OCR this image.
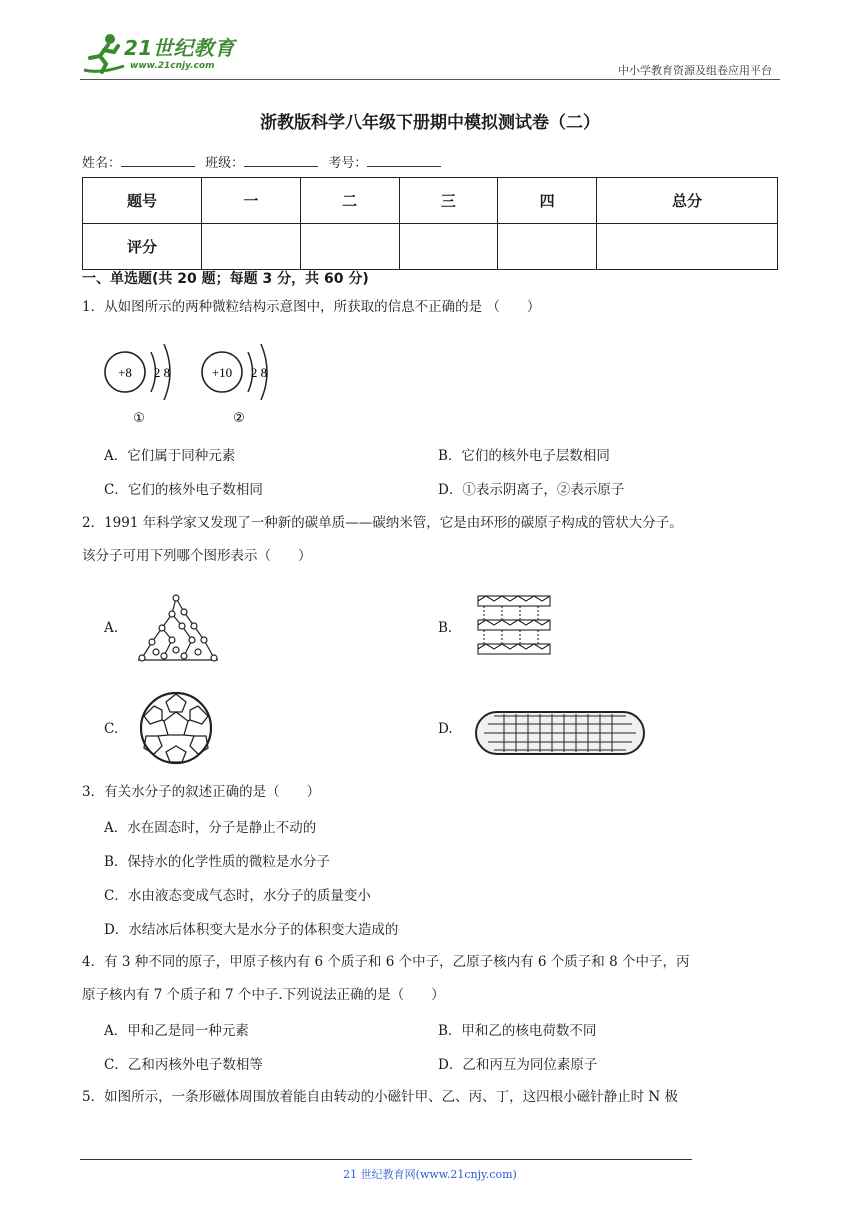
21世纪教育
www.21cnjy.com	中小学教育资源及组卷应用平台
浙教版科学八年级下册期中模拟测试卷（二）
姓名：	班级：	考号：
题号	一	二	三	四	总分
评分					
一、单选题(共 20 题；每题 3 分，共 60 分)
1．从如图所示的两种微粒结构示意图中，所获取的信息不正确的是 （　　）
+8 2 8
①
+10 2 8
②
A．它们属于同种元素	B．它们的核外电子层数相同
C．它们的核外电子数相同	D．①表示阴离子，②表示原子
2．1991 年科学家又发现了一种新的碳单质——碳纳米管，它是由环形的碳原子构成的管状大分子。
该分子可用下列哪个图形表示（　　）
A.	B.
C.	D.
3．有关水分子的叙述正确的是（　　）
A．水在固态时，分子是静止不动的
B．保持水的化学性质的微粒是水分子
C．水由液态变成气态时，水分子的质量变小
D．水结冰后体积变大是水分子的体积变大造成的
4．有 3 种不同的原子，甲原子核内有 6 个质子和 6 个中子，乙原子核内有 6 个质子和 8 个中子，丙
原子核内有 7 个质子和 7 个中子.下列说法正确的是（　　）
A．甲和乙是同一种元素	B．甲和乙的核电荷数不同
C．乙和丙核外电子数相等	D．乙和丙互为同位素原子
5．如图所示，一条形磁体周围放着能自由转动的小磁针甲、乙、丙、丁，这四根小磁针静止时 N 极
21 世纪教育网(www.21cnjy.com)
